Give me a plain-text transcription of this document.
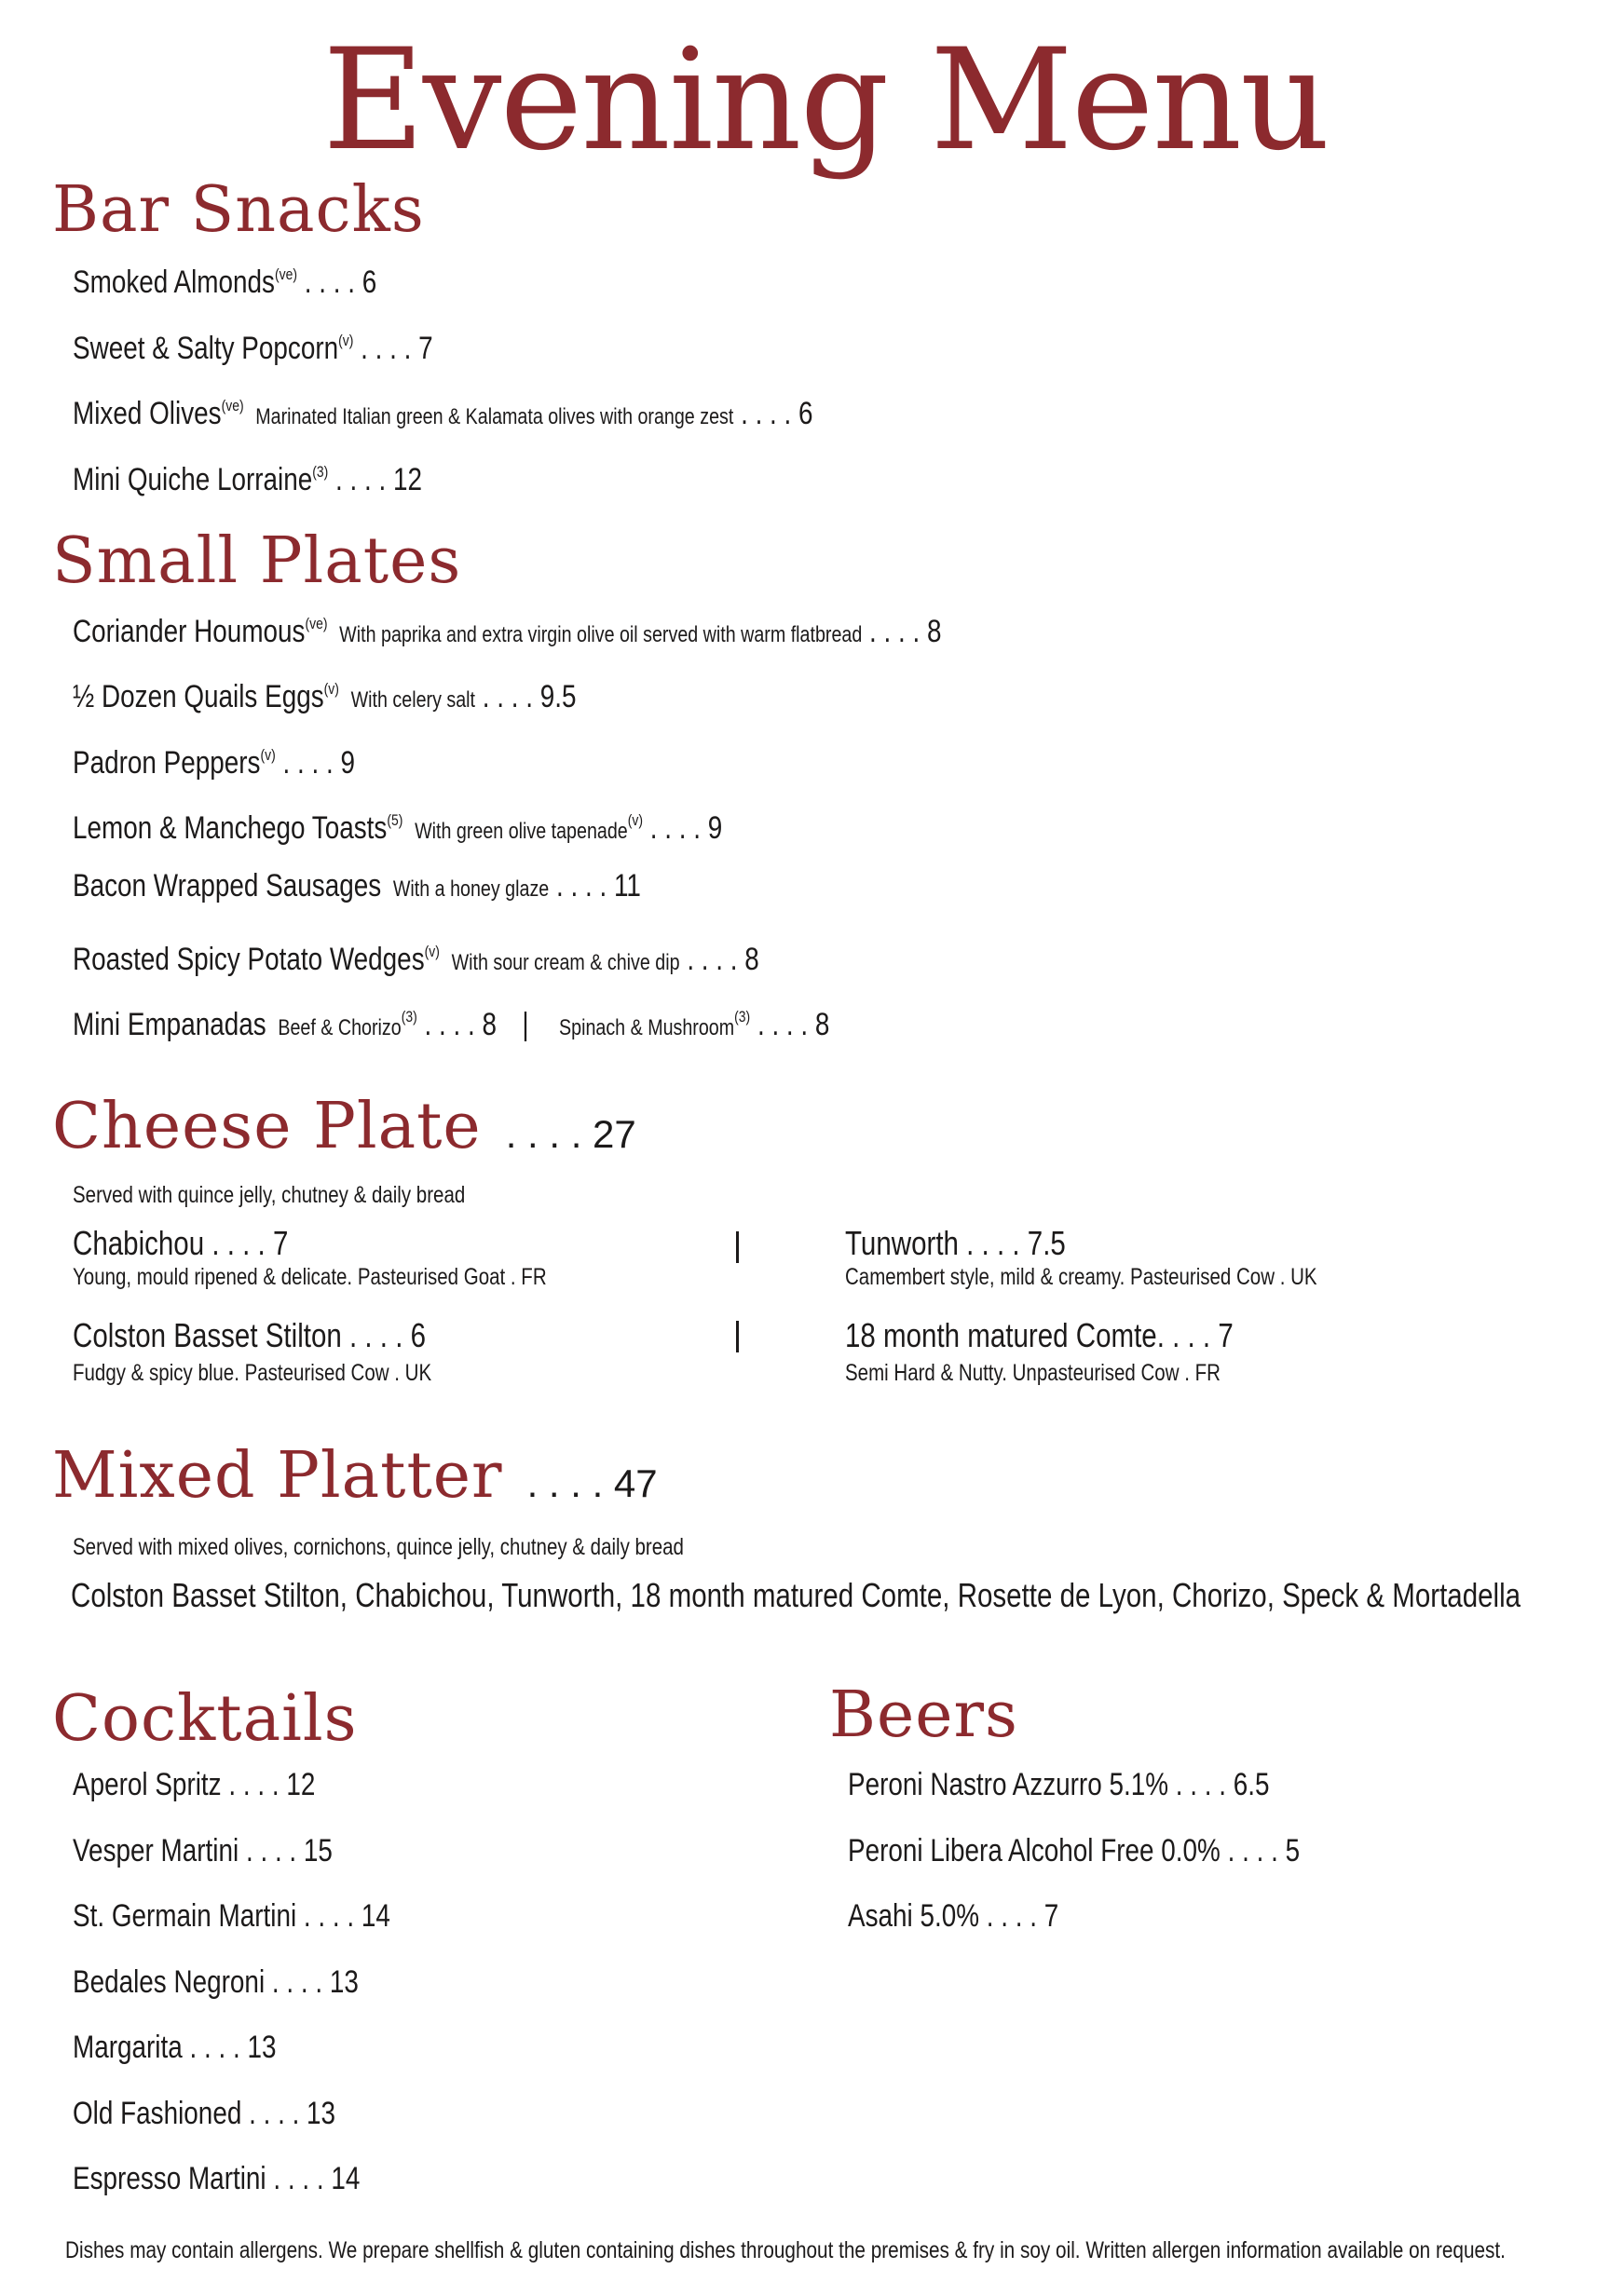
Evening Menu
Bar Snacks
Smoked Almonds$^{(ve)}$ . . . . 6
Sweet & Salty Popcorn$^{(v)}$ . . . . 7
Mixed Olives$^{(ve)}$ Marinated Italian green & Kalamata olives with orange zest . . . . 6
Mini Quiche Lorraine$^{(3)}$ . . . . 12
Small Plates
Coriander Houmous$^{(ve)}$ With paprika and extra virgin olive oil served with warm flatbread . . . . 8
½ Dozen Quails Eggs$^{(v)}$ With celery salt . . . . 9.5
Padron Peppers$^{(v)}$ . . . . 9
Lemon & Manchego Toasts$^{(5)}$ With green olive tapenade$^{(v)}$ . . . . 9
Bacon Wrapped Sausages With a honey glaze . . . . 11
Roasted Spicy Potato Wedges$^{(v)}$ With sour cream & chive dip . . . . 8
Mini Empanadas Beef & Chorizo$^{(3)}$ . . . . 8 | Spinach & Mushroom$^{(3)}$ . . . . 8
Cheese Plate . . . . 27
Served with quince jelly, chutney & daily bread
Chabichou . . . . 7
Young, mould ripened & delicate. Pasteurised Goat . FR
Tunworth . . . . 7.5
Camembert style, mild & creamy. Pasteurised Cow . UK
Colston Basset Stilton . . . . 6
Fudgy & spicy blue. Pasteurised Cow . UK
18 month matured Comte. . . . 7
Semi Hard & Nutty. Unpasteurised Cow . FR
Mixed Platter . . . . 47
Served with mixed olives, cornichons, quince jelly, chutney & daily bread
Colston Basset Stilton, Chabichou, Tunworth, 18 month matured Comte, Rosette de Lyon, Chorizo, Speck & Mortadella
Cocktails
Aperol Spritz . . . . 12
Vesper Martini . . . . 15
St. Germain Martini . . . . 14
Bedales Negroni . . . . 13
Margarita . . . . 13
Old Fashioned . . . . 13
Espresso Martini . . . . 14
Beers
Peroni Nastro Azzurro 5.1% . . . . 6.5
Peroni Libera Alcohol Free 0.0% . . . . 5
Asahi 5.0% . . . . 7
Dishes may contain allergens. We prepare shellfish & gluten containing dishes throughout the premises & fry in soy oil. Written allergen information available on request.
